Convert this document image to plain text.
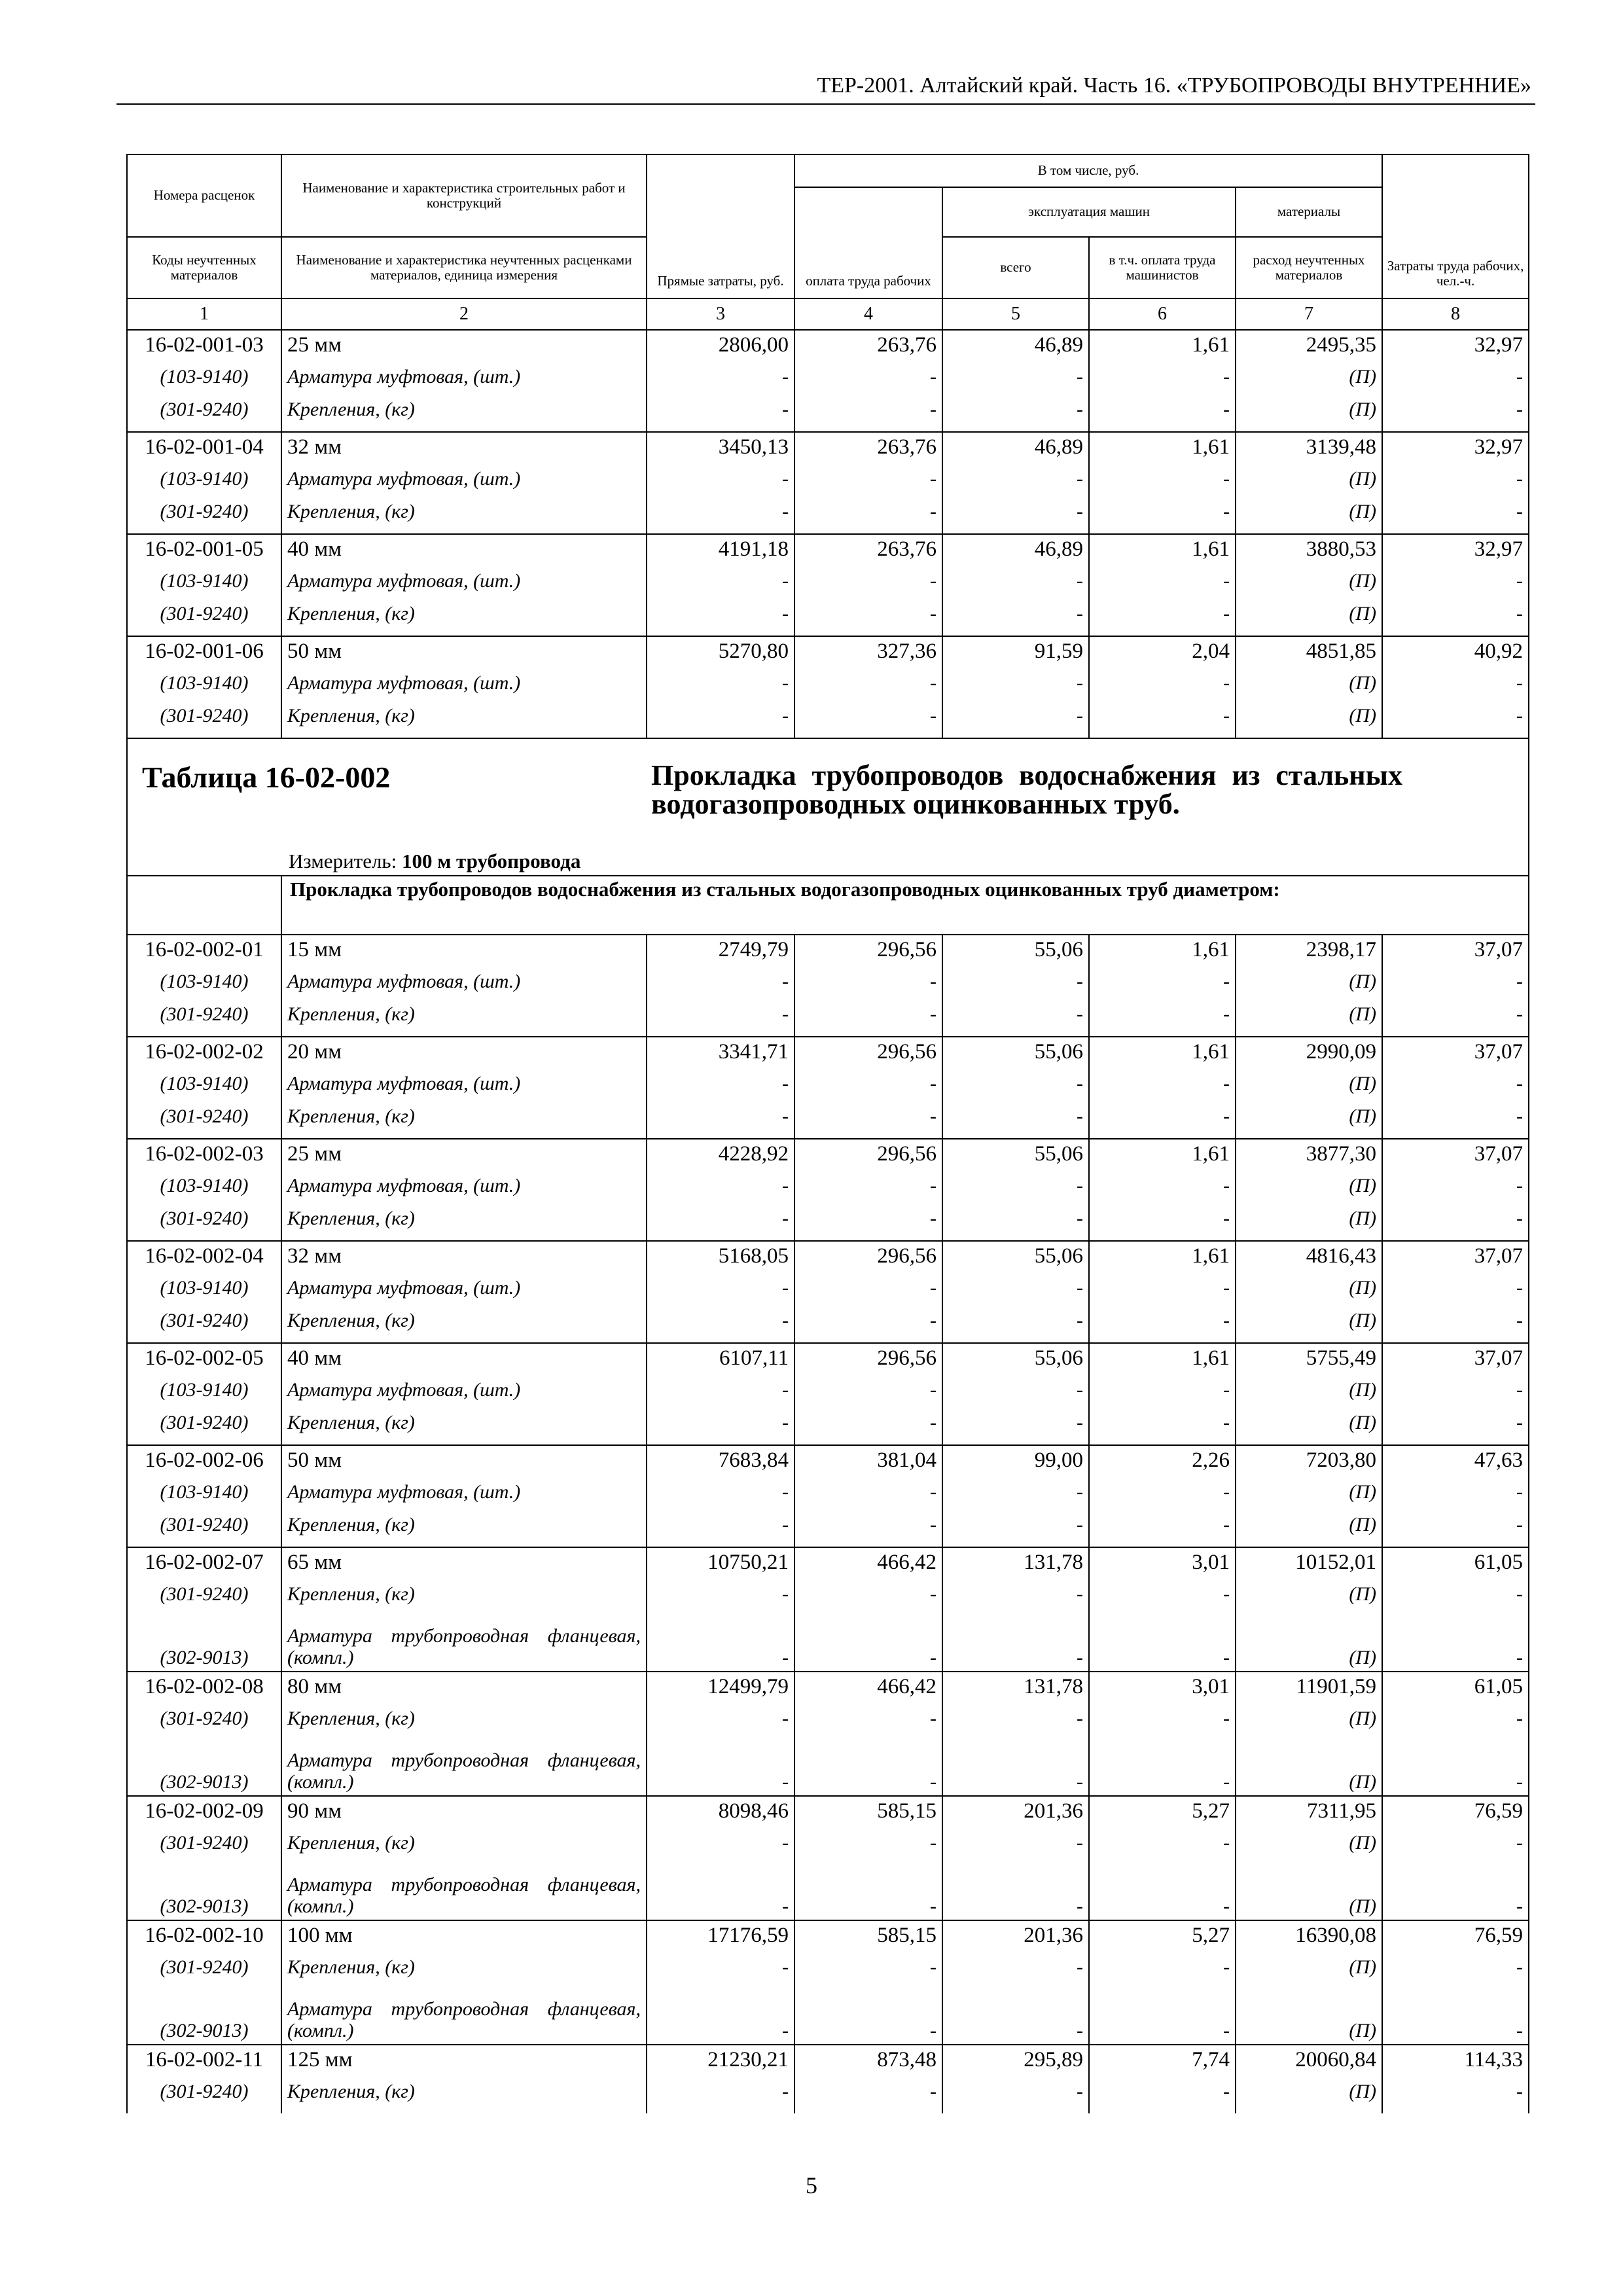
ТЕР-2001. Алтайский край. Часть 16. «ТРУБОПРОВОДЫ ВНУТРЕННИЕ»
Номера расценок	Наименование и характеристика строительных работ и конструкций	Прямые затраты, руб.	В том числе, руб.				Затраты труда рабочих, чел.-ч.
			оплата труда рабочих	эксплуатация машин		материалы	
Коды неучтенных материалов	Наименование и характеристика неучтенных расценками материалов, единица измерения			всего	в т.ч. оплата труда машинистов	расход неучтенных материалов	
1	2	3	4	5	6	7	8
16-02-001-03	25 мм	2806,00	263,76	46,89	1,61	2495,35	32,97
(103-9140)	Арматура муфтовая, (шт.)	-	-	-	-	(П)	-
(301-9240)	Крепления, (кг)	-	-	-	-	(П)	-
16-02-001-04	32 мм	3450,13	263,76	46,89	1,61	3139,48	32,97
(103-9140)	Арматура муфтовая, (шт.)	-	-	-	-	(П)	-
(301-9240)	Крепления, (кг)	-	-	-	-	(П)	-
16-02-001-05	40 мм	4191,18	263,76	46,89	1,61	3880,53	32,97
(103-9140)	Арматура муфтовая, (шт.)	-	-	-	-	(П)	-
(301-9240)	Крепления, (кг)	-	-	-	-	(П)	-
16-02-001-06	50 мм	5270,80	327,36	91,59	2,04	4851,85	40,92
(103-9140)	Арматура муфтовая, (шт.)	-	-	-	-	(П)	-
(301-9240)	Крепления, (кг)	-	-	-	-	(П)	-

Таблица 16-02-002 Прокладка трубопроводов водоснабжения из стальных водогазопроводных оцинкованных труб.
Измеритель: 100 м трубопровода							

	Прокладка трубопроводов водоснабжения из стальных водогазопроводных оцинкованных труб диаметром:						
16-02-002-01	15 мм	2749,79	296,56	55,06	1,61	2398,17	37,07
(103-9140)	Арматура муфтовая, (шт.)	-	-	-	-	(П)	-
(301-9240)	Крепления, (кг)	-	-	-	-	(П)	-
16-02-002-02	20 мм	3341,71	296,56	55,06	1,61	2990,09	37,07
(103-9140)	Арматура муфтовая, (шт.)	-	-	-	-	(П)	-
(301-9240)	Крепления, (кг)	-	-	-	-	(П)	-
16-02-002-03	25 мм	4228,92	296,56	55,06	1,61	3877,30	37,07
(103-9140)	Арматура муфтовая, (шт.)	-	-	-	-	(П)	-
(301-9240)	Крепления, (кг)	-	-	-	-	(П)	-
16-02-002-04	32 мм	5168,05	296,56	55,06	1,61	4816,43	37,07
(103-9140)	Арматура муфтовая, (шт.)	-	-	-	-	(П)	-
(301-9240)	Крепления, (кг)	-	-	-	-	(П)	-
16-02-002-05	40 мм	6107,11	296,56	55,06	1,61	5755,49	37,07
(103-9140)	Арматура муфтовая, (шт.)	-	-	-	-	(П)	-
(301-9240)	Крепления, (кг)	-	-	-	-	(П)	-
16-02-002-06	50 мм	7683,84	381,04	99,00	2,26	7203,80	47,63
(103-9140)	Арматура муфтовая, (шт.)	-	-	-	-	(П)	-
(301-9240)	Крепления, (кг)	-	-	-	-	(П)	-
16-02-002-07	65 мм	10750,21	466,42	131,78	3,01	10152,01	61,05
(301-9240)	Крепления, (кг)	-	-	-	-	(П)	-
(302-9013)	Арматура трубопроводная фланцевая, (компл.)	-	-	-	-	(П)	-
16-02-002-08	80 мм	12499,79	466,42	131,78	3,01	11901,59	61,05
(301-9240)	Крепления, (кг)	-	-	-	-	(П)	-
(302-9013)	Арматура трубопроводная фланцевая, (компл.)	-	-	-	-	(П)	-
16-02-002-09	90 мм	8098,46	585,15	201,36	5,27	7311,95	76,59
(301-9240)	Крепления, (кг)	-	-	-	-	(П)	-
(302-9013)	Арматура трубопроводная фланцевая, (компл.)	-	-	-	-	(П)	-
16-02-002-10	100 мм	17176,59	585,15	201,36	5,27	16390,08	76,59
(301-9240)	Крепления, (кг)	-	-	-	-	(П)	-
(302-9013)	Арматура трубопроводная фланцевая, (компл.)	-	-	-	-	(П)	-
16-02-002-11	125 мм	21230,21	873,48	295,89	7,74	20060,84	114,33
(301-9240)	Крепления, (кг)	-	-	-	-	(П)	-
5
